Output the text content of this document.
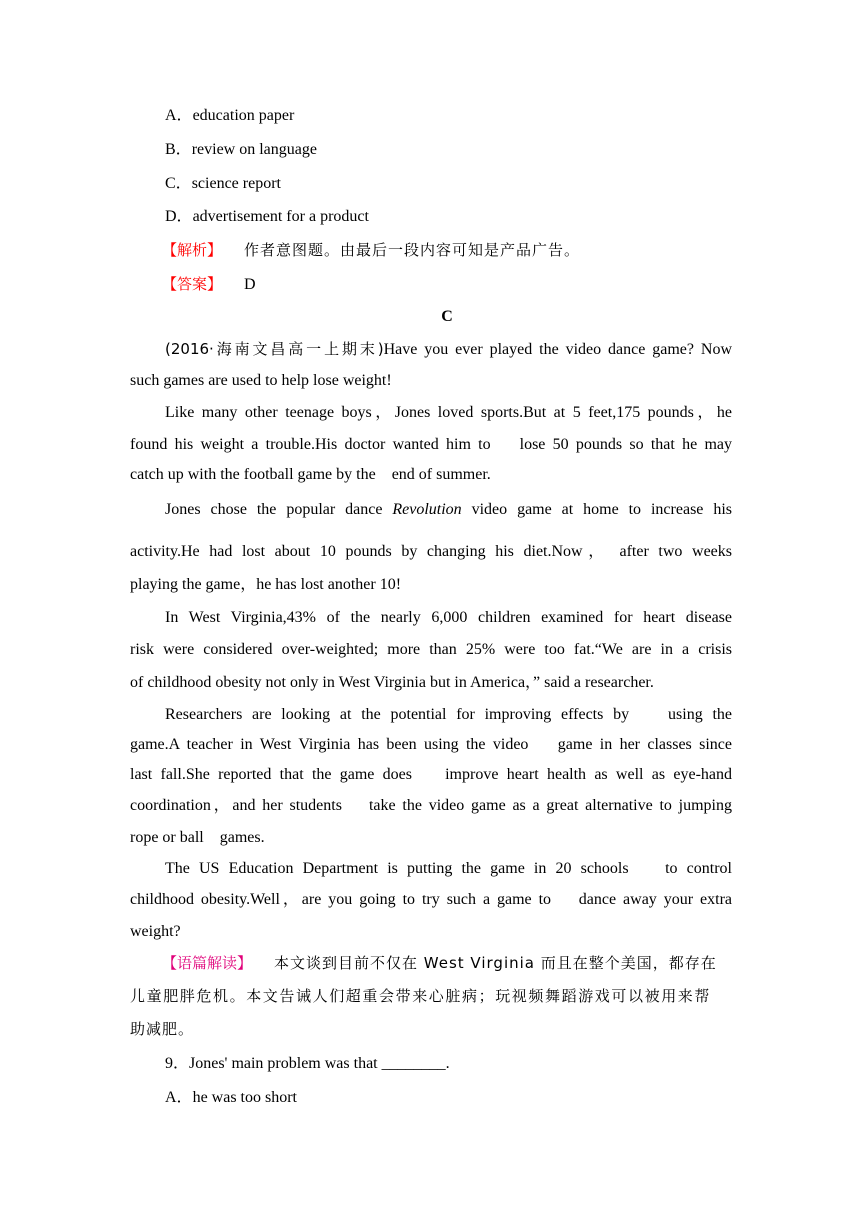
A．education paper
B．review on language
C．science report
D．advertisement for a product
【解析】 作者意图题。由最后一段内容可知是产品广告。
【答案】 D
C
(2016·海南文昌高一上期末)Have you ever played the video dance game? Now
such games are used to help lose weight!
Like many other teenage boys，Jones loved sports.But at 5 feet,175 pounds，he
found his weight a trouble.His doctor wanted him to    lose 50 pounds so that he may
catch up with the football game by the    end of summer.
Jones chose the popular dance Revolution video game at home to increase his
activity.He had lost about 10 pounds by changing his diet.Now， after two weeks
playing the game，he has lost another 10!
In West Virginia,43% of the nearly 6,000 children examined for heart disease
risk were considered over-weighted; more than 25% were too fat.“We are in a crisis
of childhood obesity not only in West Virginia but in America，” said a researcher.
Researchers are looking at the potential for improving effects by    using the
game.A teacher in West Virginia has been using the video    game in her classes since
last fall.She reported that the game does    improve heart health as well as eye-hand
coordination，and her students    take the video game as a great alternative to jumping
rope or ball    games.
The US Education Department is putting the game in 20 schools    to control
childhood obesity.Well，are you going to try such a game to    dance away your extra
weight?
【语篇解读】 本文谈到目前不仅在 West Virginia 而且在整个美国，都存在
儿童肥胖危机。本文告诫人们超重会带来心脏病；玩视频舞蹈游戏可以被用来帮
助减肥。
9．Jones' main problem was that ________.
A．he was too short
